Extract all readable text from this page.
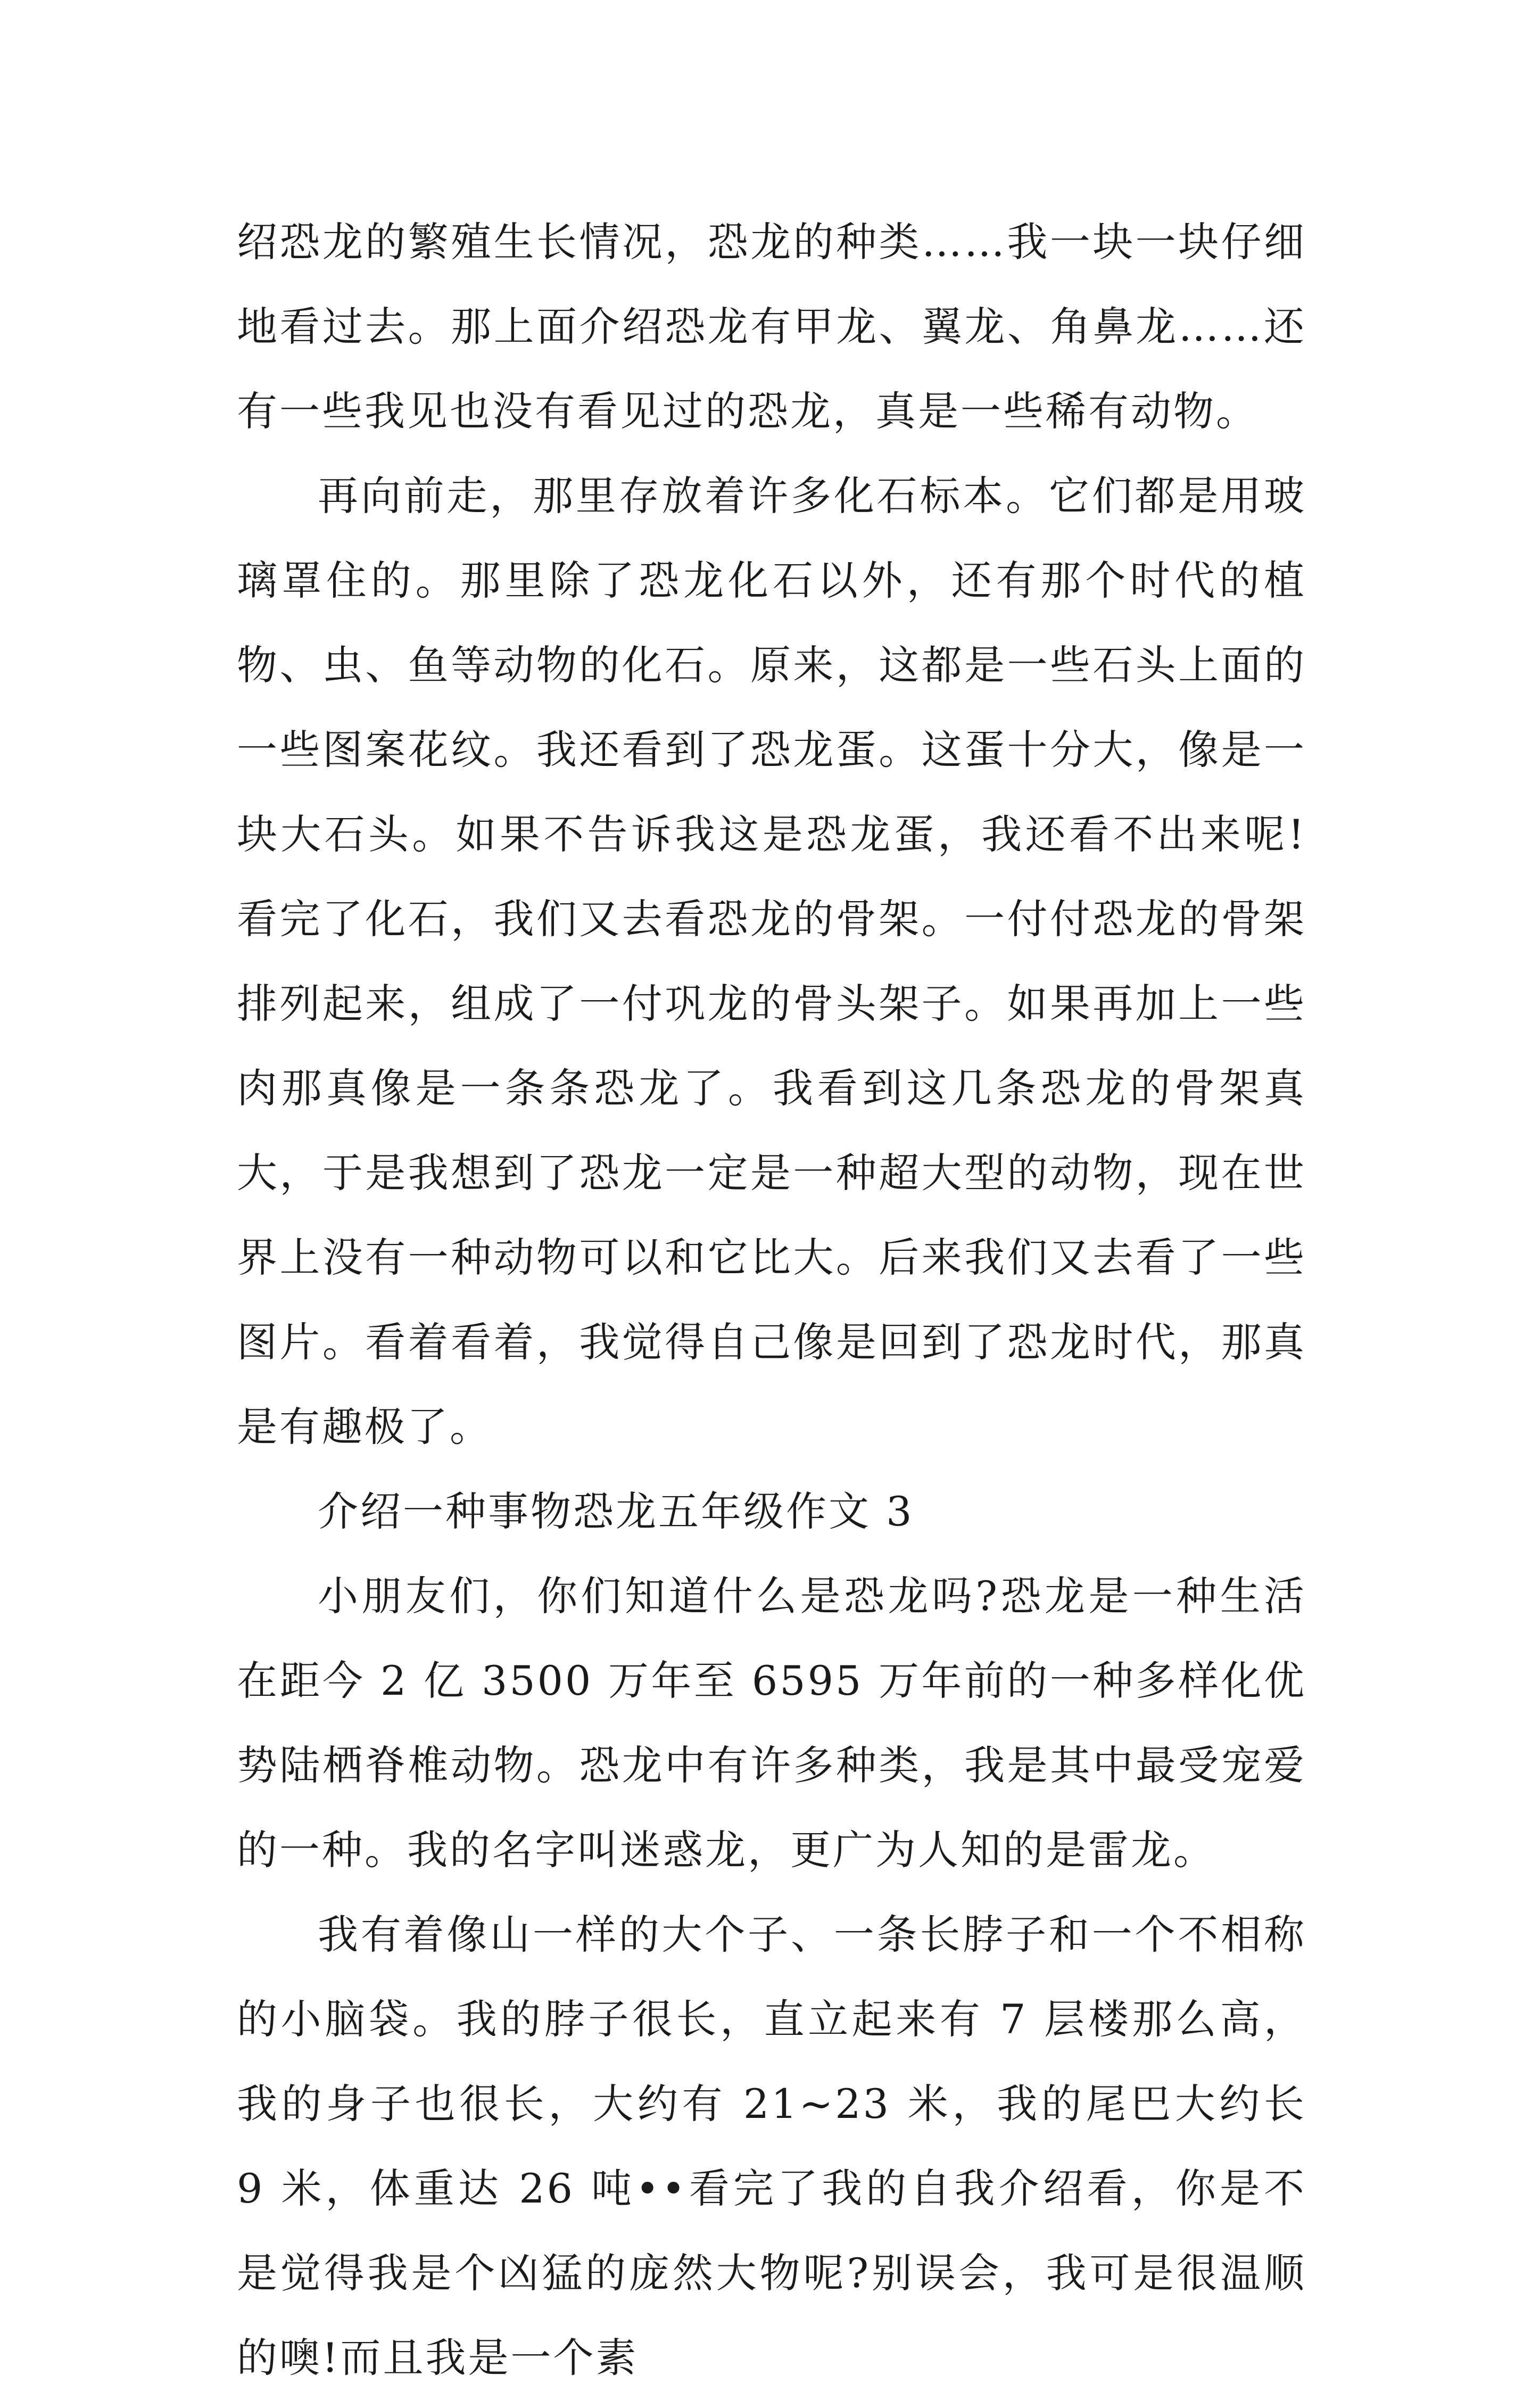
绍恐龙的繁殖生长情况，恐龙的种类……我一块一块仔细地看过去。那上面介绍恐龙有甲龙、翼龙、角鼻龙……还有一些我见也没有看见过的恐龙，真是一些稀有动物。

再向前走，那里存放着许多化石标本。它们都是用玻璃罩住的。那里除了恐龙化石以外，还有那个时代的植物、虫、鱼等动物的化石。原来，这都是一些石头上面的一些图案花纹。我还看到了恐龙蛋。这蛋十分大，像是一块大石头。如果不告诉我这是恐龙蛋，我还看不出来呢!看完了化石，我们又去看恐龙的骨架。一付付恐龙的骨架排列起来，组成了一付巩龙的骨头架子。如果再加上一些肉那真像是一条条恐龙了。我看到这几条恐龙的骨架真大，于是我想到了恐龙一定是一种超大型的动物，现在世界上没有一种动物可以和它比大。后来我们又去看了一些图片。看着看着，我觉得自己像是回到了恐龙时代，那真是有趣极了。

介绍一种事物恐龙五年级作文 3

小朋友们，你们知道什么是恐龙吗?恐龙是一种生活在距今 2 亿 3500 万年至 6595 万年前的一种多样化优势陆栖脊椎动物。恐龙中有许多种类，我是其中最受宠爱的一种。我的名字叫迷惑龙，更广为人知的是雷龙。

我有着像山一样的大个子、一条长脖子和一个不相称的小脑袋。我的脖子很长，直立起来有 7 层楼那么高，我的身子也很长，大约有 21~23 米，我的尾巴大约长 9 米，体重达 26 吨••看完了我的自我介绍看，你是不是觉得我是个凶猛的庞然大物呢?别误会，我可是很温顺的噢!而且我是一个素
